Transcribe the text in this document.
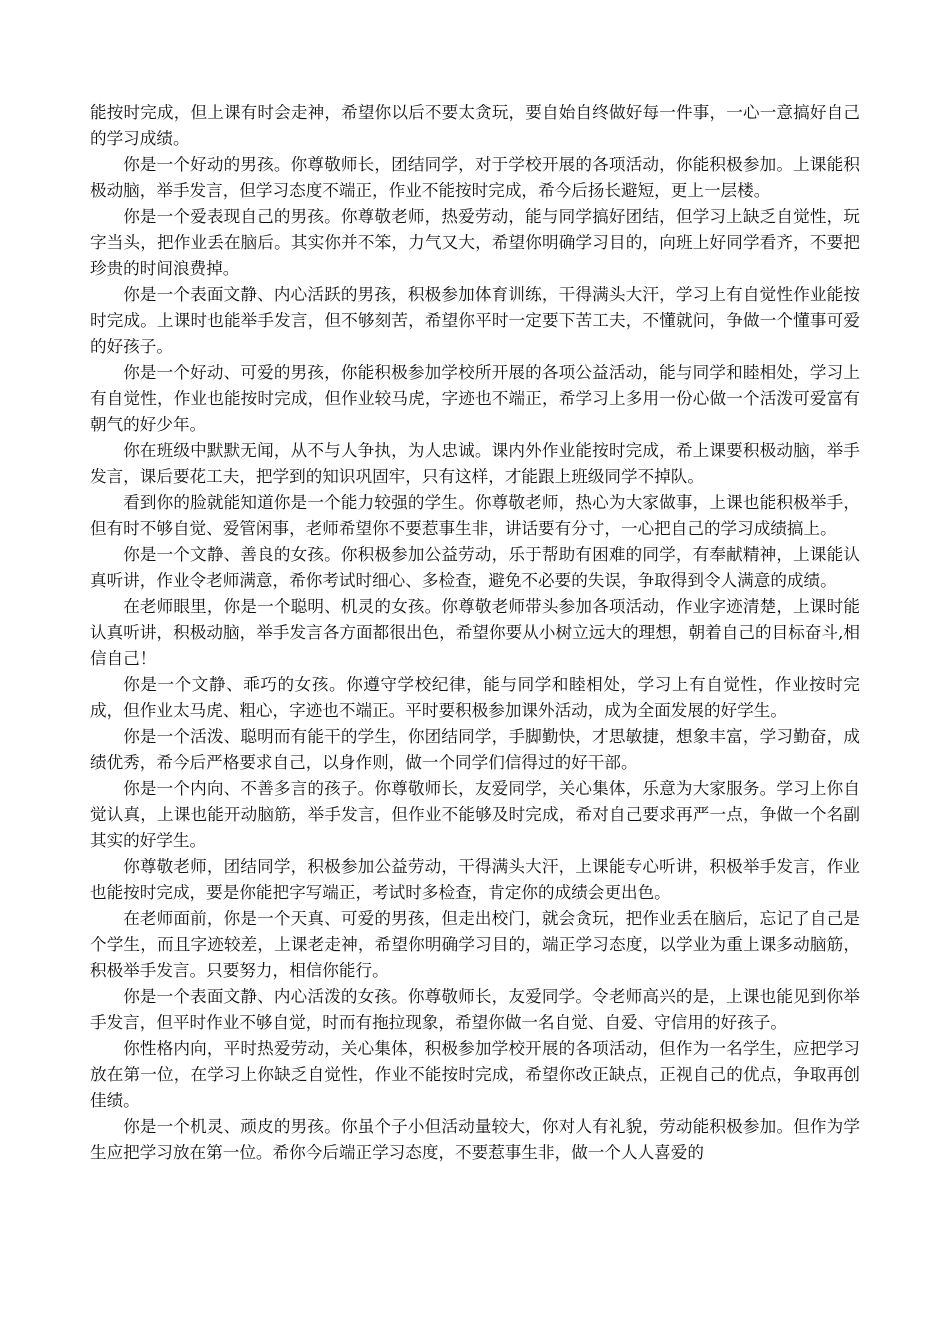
能按时完成，但上课有时会走神，希望你以后不要太贪玩，要自始自终做好每一件事，一心一意搞好自己的学习成绩。

你是一个好动的男孩。你尊敬师长，团结同学，对于学校开展的各项活动，你能积极参加。上课能积极动脑，举手发言，但学习态度不端正，作业不能按时完成，希今后扬长避短，更上一层楼。

你是一个爱表现自己的男孩。你尊敬老师，热爱劳动，能与同学搞好团结，但学习上缺乏自觉性，玩字当头，把作业丢在脑后。其实你并不笨，力气又大，希望你明确学习目的，向班上好同学看齐，不要把珍贵的时间浪费掉。

你是一个表面文静、内心活跃的男孩，积极参加体育训练，干得满头大汗，学习上有自觉性作业能按时完成。上课时也能举手发言，但不够刻苦，希望你平时一定要下苦工夫，不懂就问，争做一个懂事可爱的好孩子。

你是一个好动、可爱的男孩，你能积极参加学校所开展的各项公益活动，能与同学和睦相处，学习上有自觉性，作业也能按时完成，但作业较马虎，字迹也不端正，希学习上多用一份心做一个活泼可爱富有朝气的好少年。

你在班级中默默无闻，从不与人争执，为人忠诚。课内外作业能按时完成，希上课要积极动脑，举手发言，课后要花工夫，把学到的知识巩固牢，只有这样，才能跟上班级同学不掉队。

看到你的脸就能知道你是一个能力较强的学生。你尊敬老师，热心为大家做事，上课也能积极举手，但有时不够自觉、爱管闲事，老师希望你不要惹事生非，讲话要有分寸，一心把自己的学习成绩搞上。

你是一个文静、善良的女孩。你积极参加公益劳动，乐于帮助有困难的同学，有奉献精神，上课能认真听讲，作业令老师满意，希你考试时细心、多检查，避免不必要的失误，争取得到令人满意的成绩。

在老师眼里，你是一个聪明、机灵的女孩。你尊敬老师带头参加各项活动，作业字迹清楚，上课时能认真听讲，积极动脑，举手发言各方面都很出色，希望你要从小树立远大的理想，朝着自己的目标奋斗,相信自己！

你是一个文静、乖巧的女孩。你遵守学校纪律，能与同学和睦相处，学习上有自觉性，作业按时完成，但作业太马虎、粗心，字迹也不端正。平时要积极参加课外活动，成为全面发展的好学生。

你是一个活泼、聪明而有能干的学生，你团结同学，手脚勤快，才思敏捷，想象丰富，学习勤奋，成绩优秀，希今后严格要求自己，以身作则，做一个同学们信得过的好干部。

你是一个内向、不善多言的孩子。你尊敬师长，友爱同学，关心集体，乐意为大家服务。学习上你自觉认真，上课也能开动脑筋，举手发言，但作业不能够及时完成，希对自己要求再严一点，争做一个名副其实的好学生。

你尊敬老师，团结同学，积极参加公益劳动，干得满头大汗，上课能专心听讲，积极举手发言，作业也能按时完成，要是你能把字写端正，考试时多检查，肯定你的成绩会更出色。

在老师面前，你是一个天真、可爱的男孩，但走出校门，就会贪玩，把作业丢在脑后，忘记了自己是个学生，而且字迹较差，上课老走神，希望你明确学习目的，端正学习态度，以学业为重上课多动脑筋，积极举手发言。只要努力，相信你能行。

你是一个表面文静、内心活泼的女孩。你尊敬师长，友爱同学。令老师高兴的是，上课也能见到你举手发言，但平时作业不够自觉，时而有拖拉现象，希望你做一名自觉、自爱、守信用的好孩子。

你性格内向，平时热爱劳动，关心集体，积极参加学校开展的各项活动，但作为一名学生，应把学习放在第一位，在学习上你缺乏自觉性，作业不能按时完成，希望你改正缺点，正视自己的优点，争取再创佳绩。

你是一个机灵、顽皮的男孩。你虽个子小但活动量较大，你对人有礼貌，劳动能积极参加。但作为学生应把学习放在第一位。希你今后端正学习态度，不要惹事生非，做一个人人喜爱的
